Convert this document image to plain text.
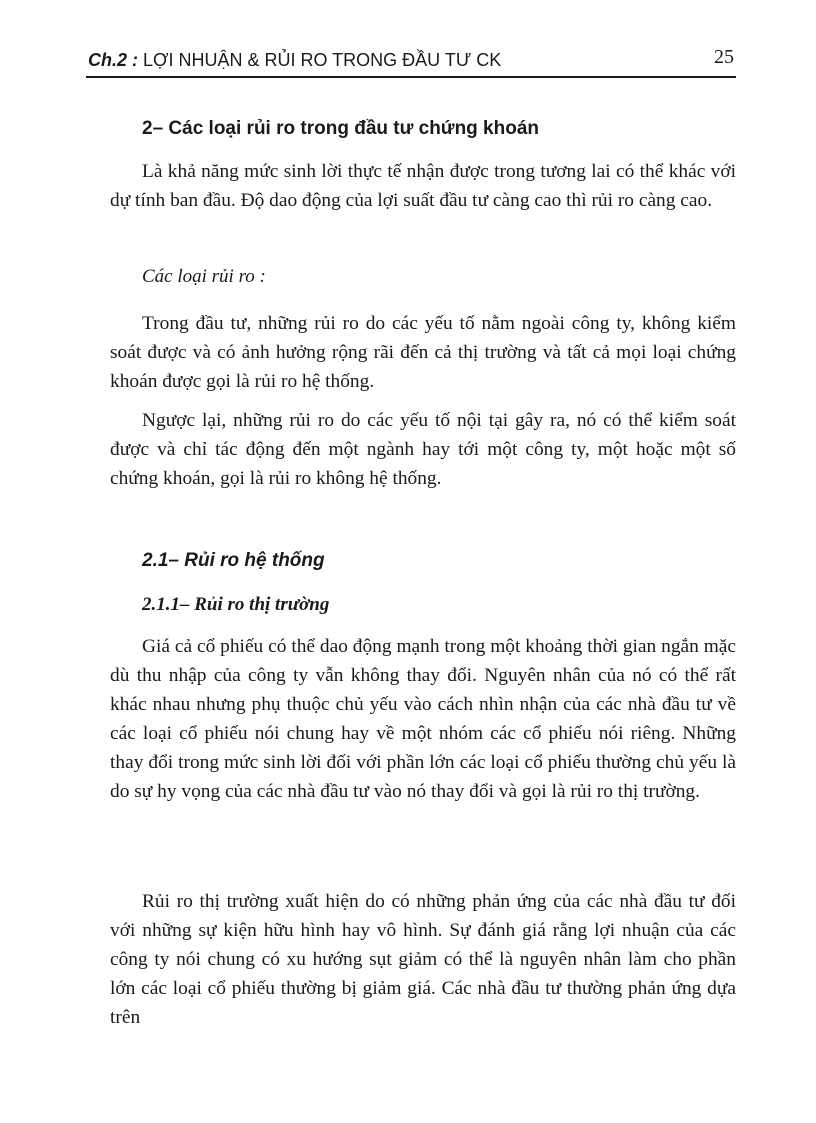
Ch.2 : LỢI NHUẬN & RỦI RO TRONG ĐẦU TƯ CK	25
2– Các loại rủi ro trong đầu tư chứng khoán

Là khả năng mức sinh lời thực tế nhận được trong tương lai có thể khác với dự tính ban đầu. Độ dao động của lợi suất đầu tư càng cao thì rủi ro càng cao.

Các loại rủi ro :

Trong đầu tư, những rủi ro do các yếu tố nằm ngoài công ty, không kiểm soát được và có ảnh hưởng rộng rãi đến cả thị trường và tất cả mọi loại chứng khoán được gọi là rủi ro hệ thống.

Ngược lại, những rủi ro do các yếu tố nội tại gây ra, nó có thể kiểm soát được và chỉ tác động đến một ngành hay tới một công ty, một hoặc một số chứng khoán, gọi là rủi ro không hệ thống.

2.1– Rủi ro hệ thống
2.1.1– Rủi ro thị trường

Giá cả cổ phiếu có thể dao động mạnh trong một khoảng thời gian ngắn mặc dù thu nhập của công ty vẫn không thay đổi. Nguyên nhân của nó có thể rất khác nhau nhưng phụ thuộc chủ yếu vào cách nhìn nhận của các nhà đầu tư về các loại cổ phiếu nói chung hay về một nhóm các cổ phiếu nói riêng. Những thay đổi trong mức sinh lời đối với phần lớn các loại cổ phiếu thường chủ yếu là do sự hy vọng của các nhà đầu tư vào nó thay đổi và gọi là rủi ro thị trường.

Rủi ro thị trường xuất hiện do có những phản ứng của các nhà đầu tư đối với những sự kiện hữu hình hay vô hình. Sự đánh giá rằng lợi nhuận của các công ty nói chung có xu hướng sụt giảm có thể là nguyên nhân làm cho phần lớn các loại cổ phiếu thường bị giảm giá. Các nhà đầu tư thường phản ứng dựa trên
